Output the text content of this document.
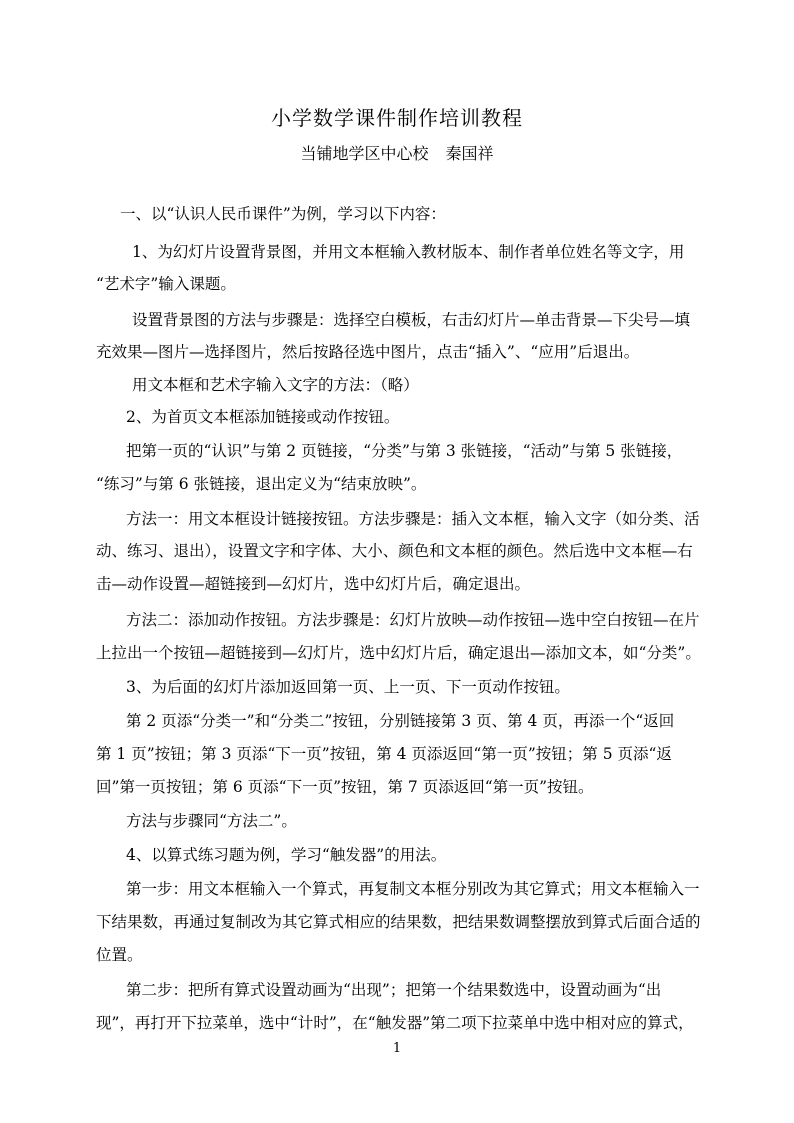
小学数学课件制作培训教程
当铺地学区中心校 秦国祥
一、以“认识人民币课件”为例，学习以下内容：
1、为幻灯片设置背景图，并用文本框输入教材版本、制作者单位姓名等文字，用
“艺术字”输入课题。
设置背景图的方法与步骤是：选择空白模板，右击幻灯片—单击背景—下尖号—填
充效果—图片—选择图片，然后按路径选中图片，点击“插入”、“应用”后退出。
用文本框和艺术字输入文字的方法：（略）
2、为首页文本框添加链接或动作按钮。
把第一页的“认识”与第 2 页链接，“分类”与第 3 张链接，“活动”与第 5 张链接，
“练习”与第 6 张链接，退出定义为“结束放映”。
方法一：用文本框设计链接按钮。方法步骤是：插入文本框，输入文字（如分类、活
动、练习、退出），设置文字和字体、大小、颜色和文本框的颜色。然后选中文本框—右
击—动作设置—超链接到—幻灯片，选中幻灯片后，确定退出。
方法二：添加动作按钮。方法步骤是：幻灯片放映—动作按钮—选中空白按钮—在片
上拉出一个按钮—超链接到—幻灯片，选中幻灯片后，确定退出—添加文本，如“分类”。
3、为后面的幻灯片添加返回第一页、上一页、下一页动作按钮。
第 2 页添“分类一”和“分类二”按钮，分别链接第 3 页、第 4 页，再添一个“返回
第 1 页”按钮；第 3 页添“下一页”按钮，第 4 页添返回“第一页”按钮；第 5 页添“返
回”第一页按钮；第 6 页添“下一页”按钮，第 7 页添返回“第一页”按钮。
方法与步骤同“方法二”。
4、以算式练习题为例，学习“触发器”的用法。
第一步：用文本框输入一个算式，再复制文本框分别改为其它算式；用文本框输入一
下结果数，再通过复制改为其它算式相应的结果数，把结果数调整摆放到算式后面合适的
位置。
第二步：把所有算式设置动画为“出现”；把第一个结果数选中，设置动画为“出
现”，再打开下拉菜单，选中“计时”，在“触发器”第二项下拉菜单中选中相对应的算式，
1
